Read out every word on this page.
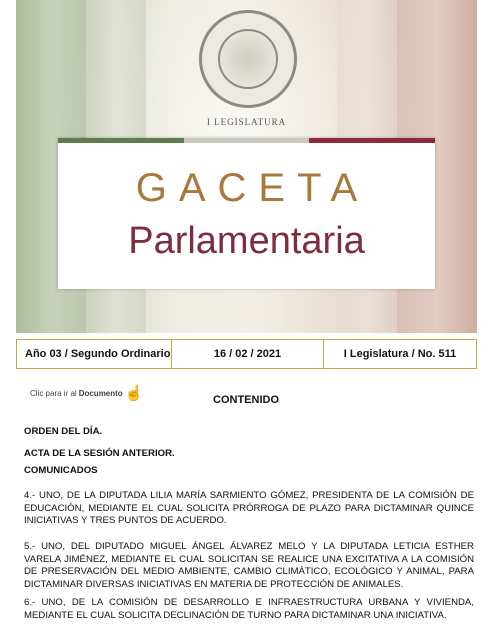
I LEGISLATURA
GACETA
Parlamentaria
Año 03 / Segundo Ordinario	16 / 02 / 2021	I Legislatura / No. 511
Clic para ir al Documento ☝	CONTENIDO
ORDEN DEL DÍA.
ACTA DE LA SESIÓN ANTERIOR.
COMUNICADOS
4.- UNO, DE LA DIPUTADA LILIA MARÍA SARMIENTO GÓMEZ, PRESIDENTA DE LA COMISIÓN DE EDUCACIÓN, MEDIANTE EL CUAL SOLICITA PRÓRROGA DE PLAZO PARA DICTAMINAR QUINCE INICIATIVAS Y TRES PUNTOS DE ACUERDO.
5.- UNO, DEL DIPUTADO MIGUEL ÁNGEL ÁLVAREZ MELO Y LA DIPUTADA LETICIA ESTHER VARELA JIMÉNEZ, MEDIANTE EL CUAL SOLICITAN SE REALICE UNA EXCITATIVA A LA COMISIÓN DE PRESERVACIÓN DEL MEDIO AMBIENTE, CAMBIO CLIMÁTICO, ECOLÓGICO Y ANIMAL, PARA DICTAMINAR DIVERSAS INICIATIVAS EN MATERIA DE PROTECCIÓN DE ANIMALES.
6.- UNO, DE LA COMISIÓN DE DESARROLLO E INFRAESTRUCTURA URBANA Y VIVIENDA, MEDIANTE EL CUAL SOLICITA DECLINACIÓN DE TURNO PARA DICTAMINAR UNA INICIATIVA.
